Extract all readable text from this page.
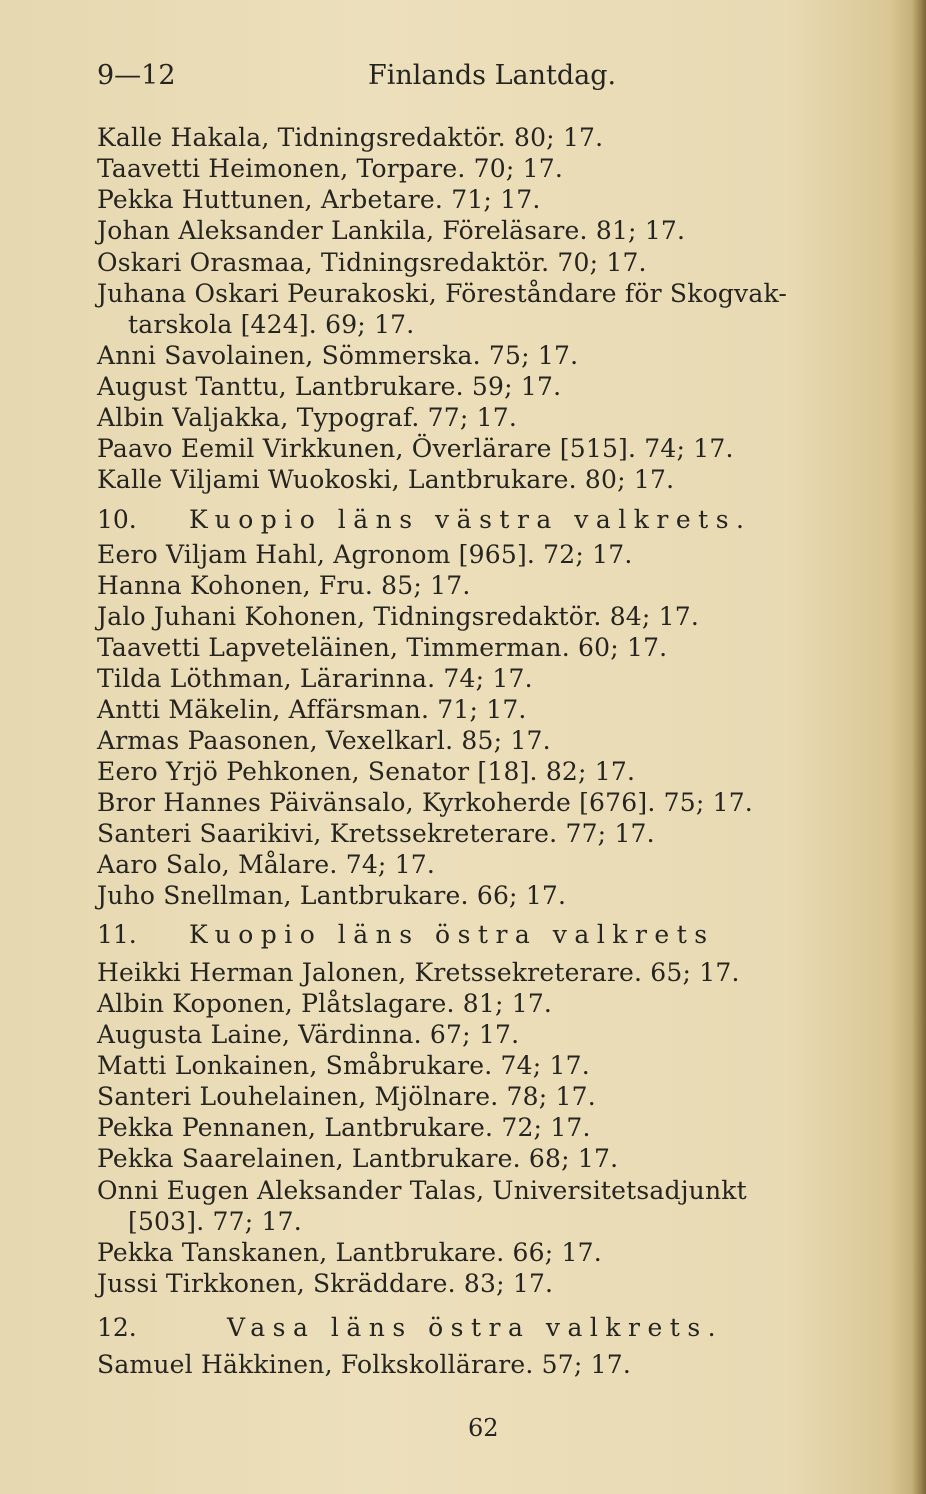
9—12	Finlands Lantdag.
Kalle Hakala, Tidningsredaktör. 80; 17.
Taavetti Heimonen, Torpare. 70; 17.
Pekka Huttunen, Arbetare. 71; 17.
Johan Aleksander Lankila, Föreläsare. 81; 17.
Oskari Orasmaa, Tidningsredaktör. 70; 17.
Juhana Oskari Peurakoski, Föreståndare för Skogvak-
tarskola [424]. 69; 17.
Anni Savolainen, Sömmerska. 75; 17.
August Tanttu, Lantbrukare. 59; 17.
Albin Valjakka, Typograf. 77; 17.
Paavo Eemil Virkkunen, Överlärare [515]. 74; 17.
Kalle Viljami Wuokoski, Lantbrukare. 80; 17.
10. Kuopio läns västra valkrets.
Eero Viljam Hahl, Agronom [965]. 72; 17.
Hanna Kohonen, Fru. 85; 17.
Jalo Juhani Kohonen, Tidningsredaktör. 84; 17.
Taavetti Lapveteläinen, Timmerman. 60; 17.
Tilda Löthman, Lärarinna. 74; 17.
Antti Mäkelin, Affärsman. 71; 17.
Armas Paasonen, Vexelkarl. 85; 17.
Eero Yrjö Pehkonen, Senator [18]. 82; 17.
Bror Hannes Päivänsalo, Kyrkoherde [676]. 75; 17.
Santeri Saarikivi, Kretssekreterare. 77; 17.
Aaro Salo, Målare. 74; 17.
Juho Snellman, Lantbrukare. 66; 17.
11. Kuopio läns östra valkrets
Heikki Herman Jalonen, Kretssekreterare. 65; 17.
Albin Koponen, Plåtslagare. 81; 17.
Augusta Laine, Värdinna. 67; 17.
Matti Lonkainen, Småbrukare. 74; 17.
Santeri Louhelainen, Mjölnare. 78; 17.
Pekka Pennanen, Lantbrukare. 72; 17.
Pekka Saarelainen, Lantbrukare. 68; 17.
Onni Eugen Aleksander Talas, Universitetsadjunkt
[503]. 77; 17.
Pekka Tanskanen, Lantbrukare. 66; 17.
Jussi Tirkkonen, Skräddare. 83; 17.
12.	Vasa läns östra valkrets.
Samuel Häkkinen, Folkskollärare. 57; 17.
62
